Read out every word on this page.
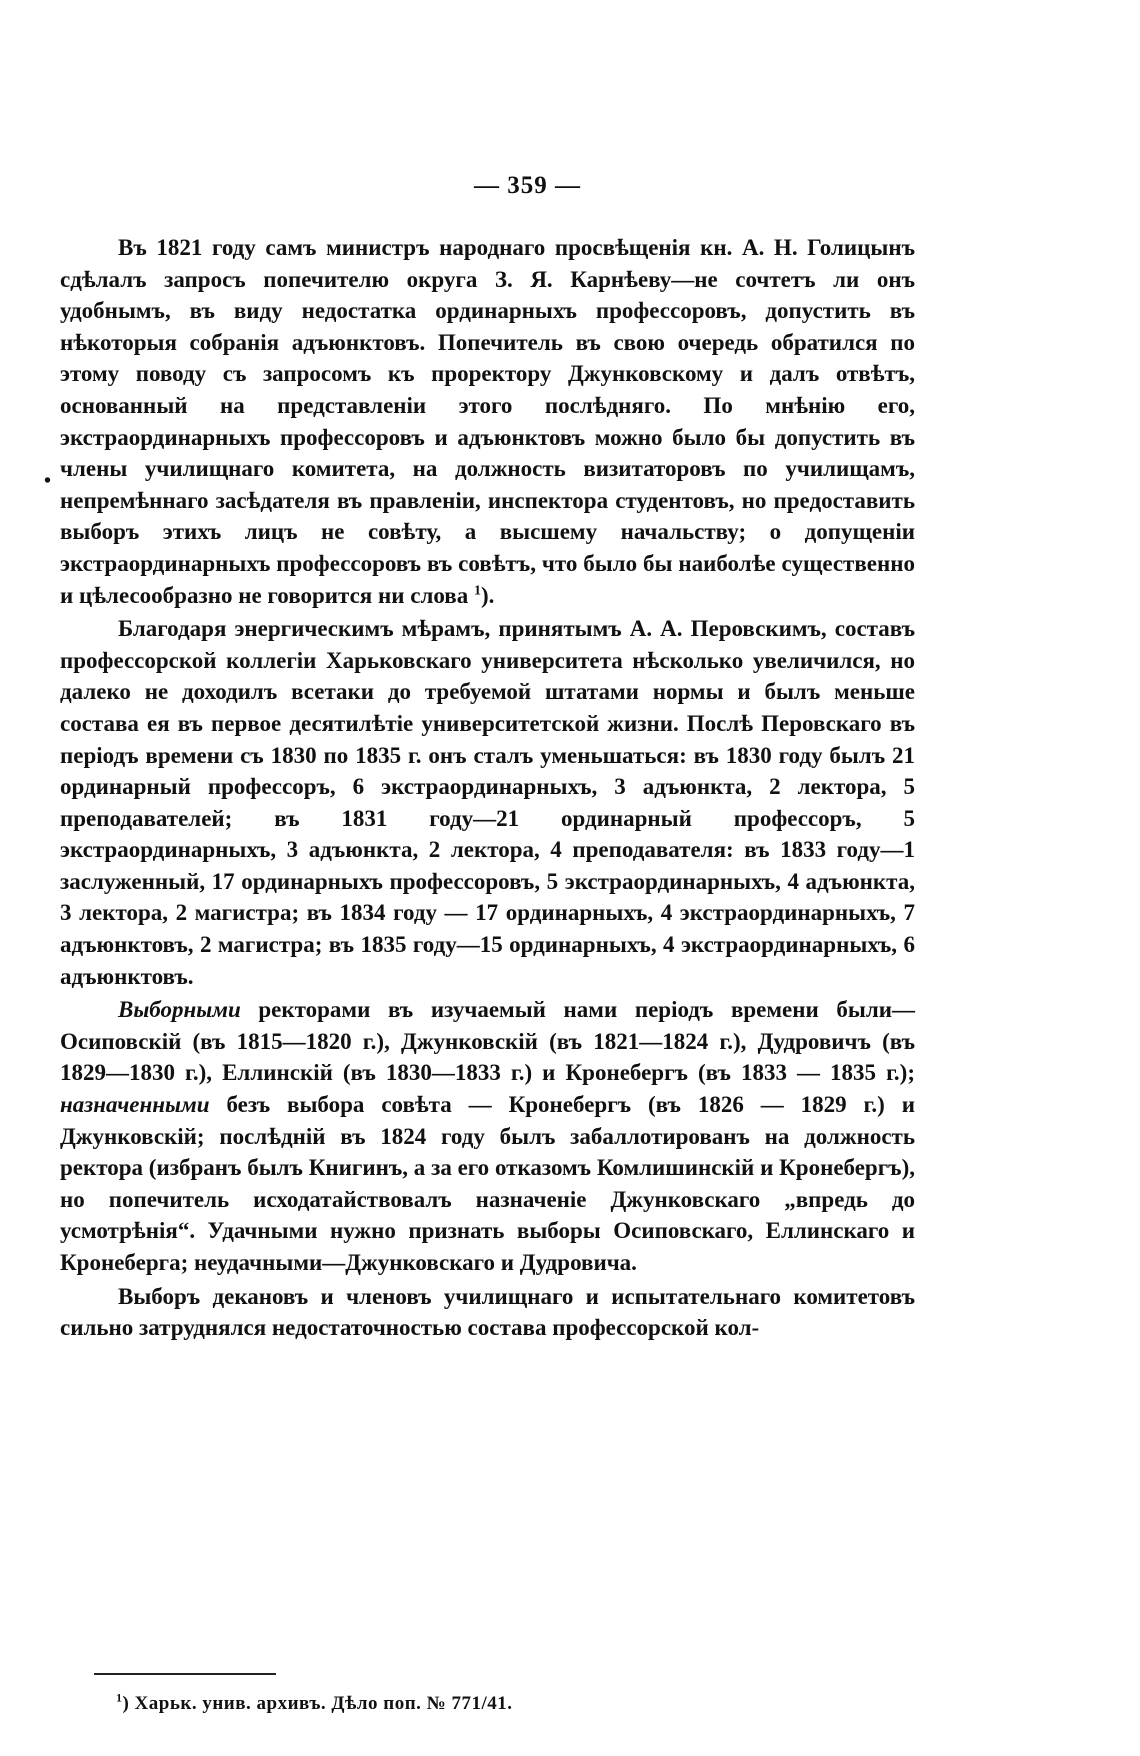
— 359 —
•

Въ 1821 году самъ министръ народнаго просвѣщенія кн. А. Н. Голицынъ сдѣлалъ запросъ попечителю округа З. Я. Карнѣеву—не сочтетъ ли онъ удобнымъ, въ виду недостатка ординарныхъ профессоровъ, допустить въ нѣкоторыя собранія адъюнктовъ. Попечитель въ свою очередь обратился по этому поводу съ запросомъ къ проректору Джунковскому и далъ отвѣтъ, основанный на представленіи этого послѣдняго. По мнѣнію его, экстраординарныхъ профессоровъ и адъюнктовъ можно было бы допустить въ члены училищнаго комитета, на должность визитаторовъ по училищамъ, непремѣннаго засѣдателя въ правленіи, инспектора студентовъ, но предоставить выборъ этихъ лицъ не совѣту, а высшему начальству; о допущеніи экстраординарныхъ профессоровъ въ совѣтъ, что было бы наиболѣе существенно и цѣлесообразно не говорится ни слова $^1$).

Благодаря энергическимъ мѣрамъ, принятымъ А. А. Перовскимъ, составъ профессорской коллегіи Харьковскаго университета нѣсколько увеличился, но далеко не доходилъ всетаки до требуемой штатами нормы и былъ меньше состава ея въ первое десятилѣтіе университетской жизни. Послѣ Перовскаго въ періодъ времени съ 1830 по 1835 г. онъ сталъ уменьшаться: въ 1830 году былъ 21 ординарный профессоръ, 6 экстраординарныхъ, 3 адъюнкта, 2 лектора, 5 преподавателей; въ 1831 году—21 ординарный профессоръ, 5 экстраординарныхъ, 3 адъюнкта, 2 лектора, 4 преподавателя: въ 1833 году—1 заслуженный, 17 ординарныхъ профессоровъ, 5 экстраординарныхъ, 4 адъюнкта, 3 лектора, 2 магистра; въ 1834 году — 17 ординарныхъ, 4 экстраординарныхъ, 7 адъюнктовъ, 2 магистра; въ 1835 году—15 ординарныхъ, 4 экстраординарныхъ, 6 адъюнктовъ.

Выборными ректорами въ изучаемый нами періодъ времени были—Осиповскій (въ 1815—1820 г.), Джунковскій (въ 1821—1824 г.), Дудровичъ (въ 1829—1830 г.), Еллинскій (въ 1830—1833 г.) и Кронебергъ (въ 1833 — 1835 г.); назначенными безъ выбора совѣта — Кронебергъ (въ 1826 — 1829 г.) и Джунковскій; послѣдній въ 1824 году былъ забаллотированъ на должность ректора (избранъ былъ Книгинъ, а за его отказомъ Комлишинскій и Кронебергъ), но попечитель исходатайствовалъ назначеніе Джунковскаго „впредь до усмотрѣнія“. Удачными нужно признать выборы Осиповскаго, Еллинскаго и Кронеберга; неудачными—Джунковскаго и Дудровича.

Выборъ декановъ и членовъ училищнаго и испытательнаго комитетовъ сильно затруднялся недостаточностью состава профессорской кол-

$^1$) Харьк. унив. архивъ. Дѣло поп. № 771/41.
